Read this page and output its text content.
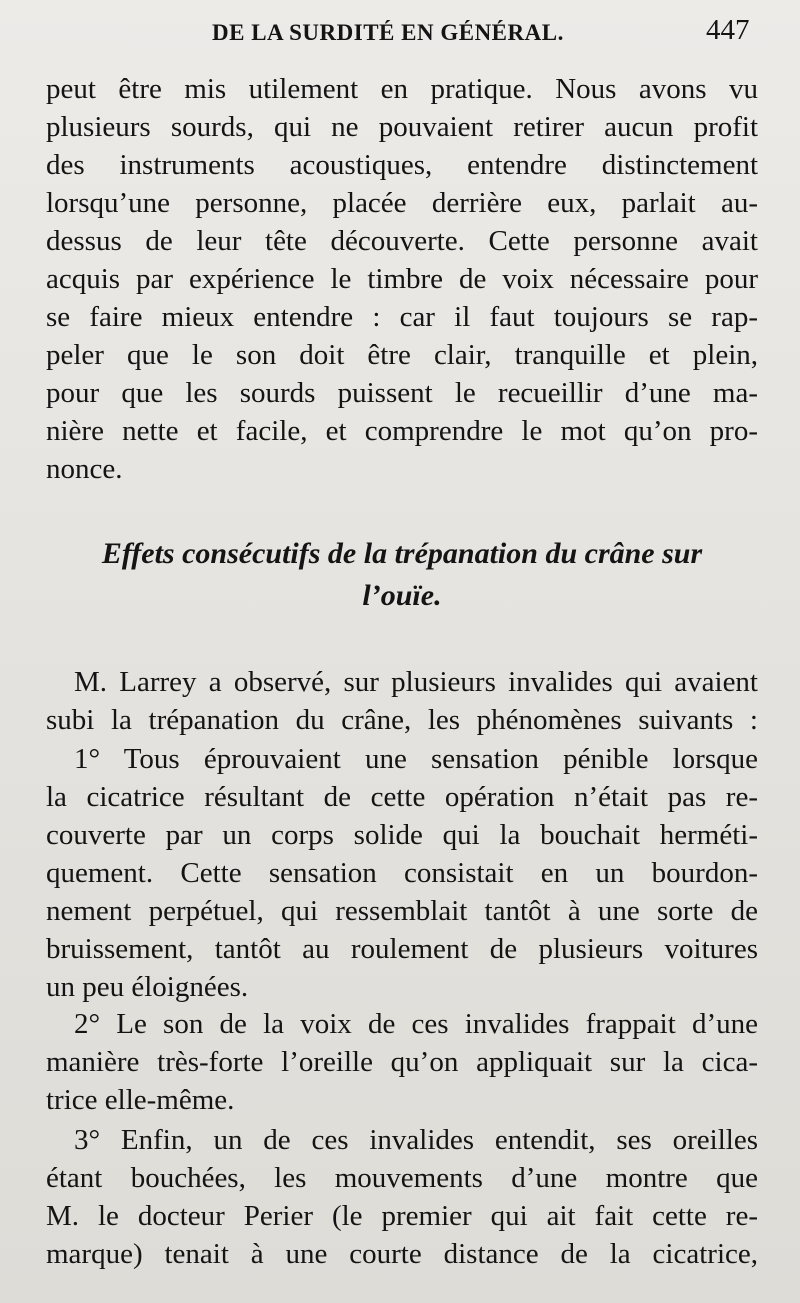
DE LA SURDITÉ EN GÉNÉRAL.	447
peut être mis utilement en pratique. Nous avons vu
plusieurs sourds, qui ne pouvaient retirer aucun profit
des instruments acoustiques, entendre distinctement
lorsqu’une personne, placée derrière eux, parlait au-
dessus de leur tête découverte. Cette personne avait
acquis par expérience le timbre de voix nécessaire pour
se faire mieux entendre : car il faut toujours se rap-
peler que le son doit être clair, tranquille et plein,
pour que les sourds puissent le recueillir d’une ma-
nière nette et facile, et comprendre le mot qu’on pro-
nonce.
Effets consécutifs de la trépanation du crâne sur
l’ouïe.
M. Larrey a observé, sur plusieurs invalides qui avaient
subi la trépanation du crâne, les phénomènes suivants :
1° Tous éprouvaient une sensation pénible lorsque
la cicatrice résultant de cette opération n’était pas re-
couverte par un corps solide qui la bouchait herméti-
quement. Cette sensation consistait en un bourdon-
nement perpétuel, qui ressemblait tantôt à une sorte de
bruissement, tantôt au roulement de plusieurs voitures
un peu éloignées.
2° Le son de la voix de ces invalides frappait d’une
manière très-forte l’oreille qu’on appliquait sur la cica-
trice elle-même.
3° Enfin, un de ces invalides entendit, ses oreilles
étant bouchées, les mouvements d’une montre que
M. le docteur Perier (le premier qui ait fait cette re-
marque) tenait à une courte distance de la cicatrice,
